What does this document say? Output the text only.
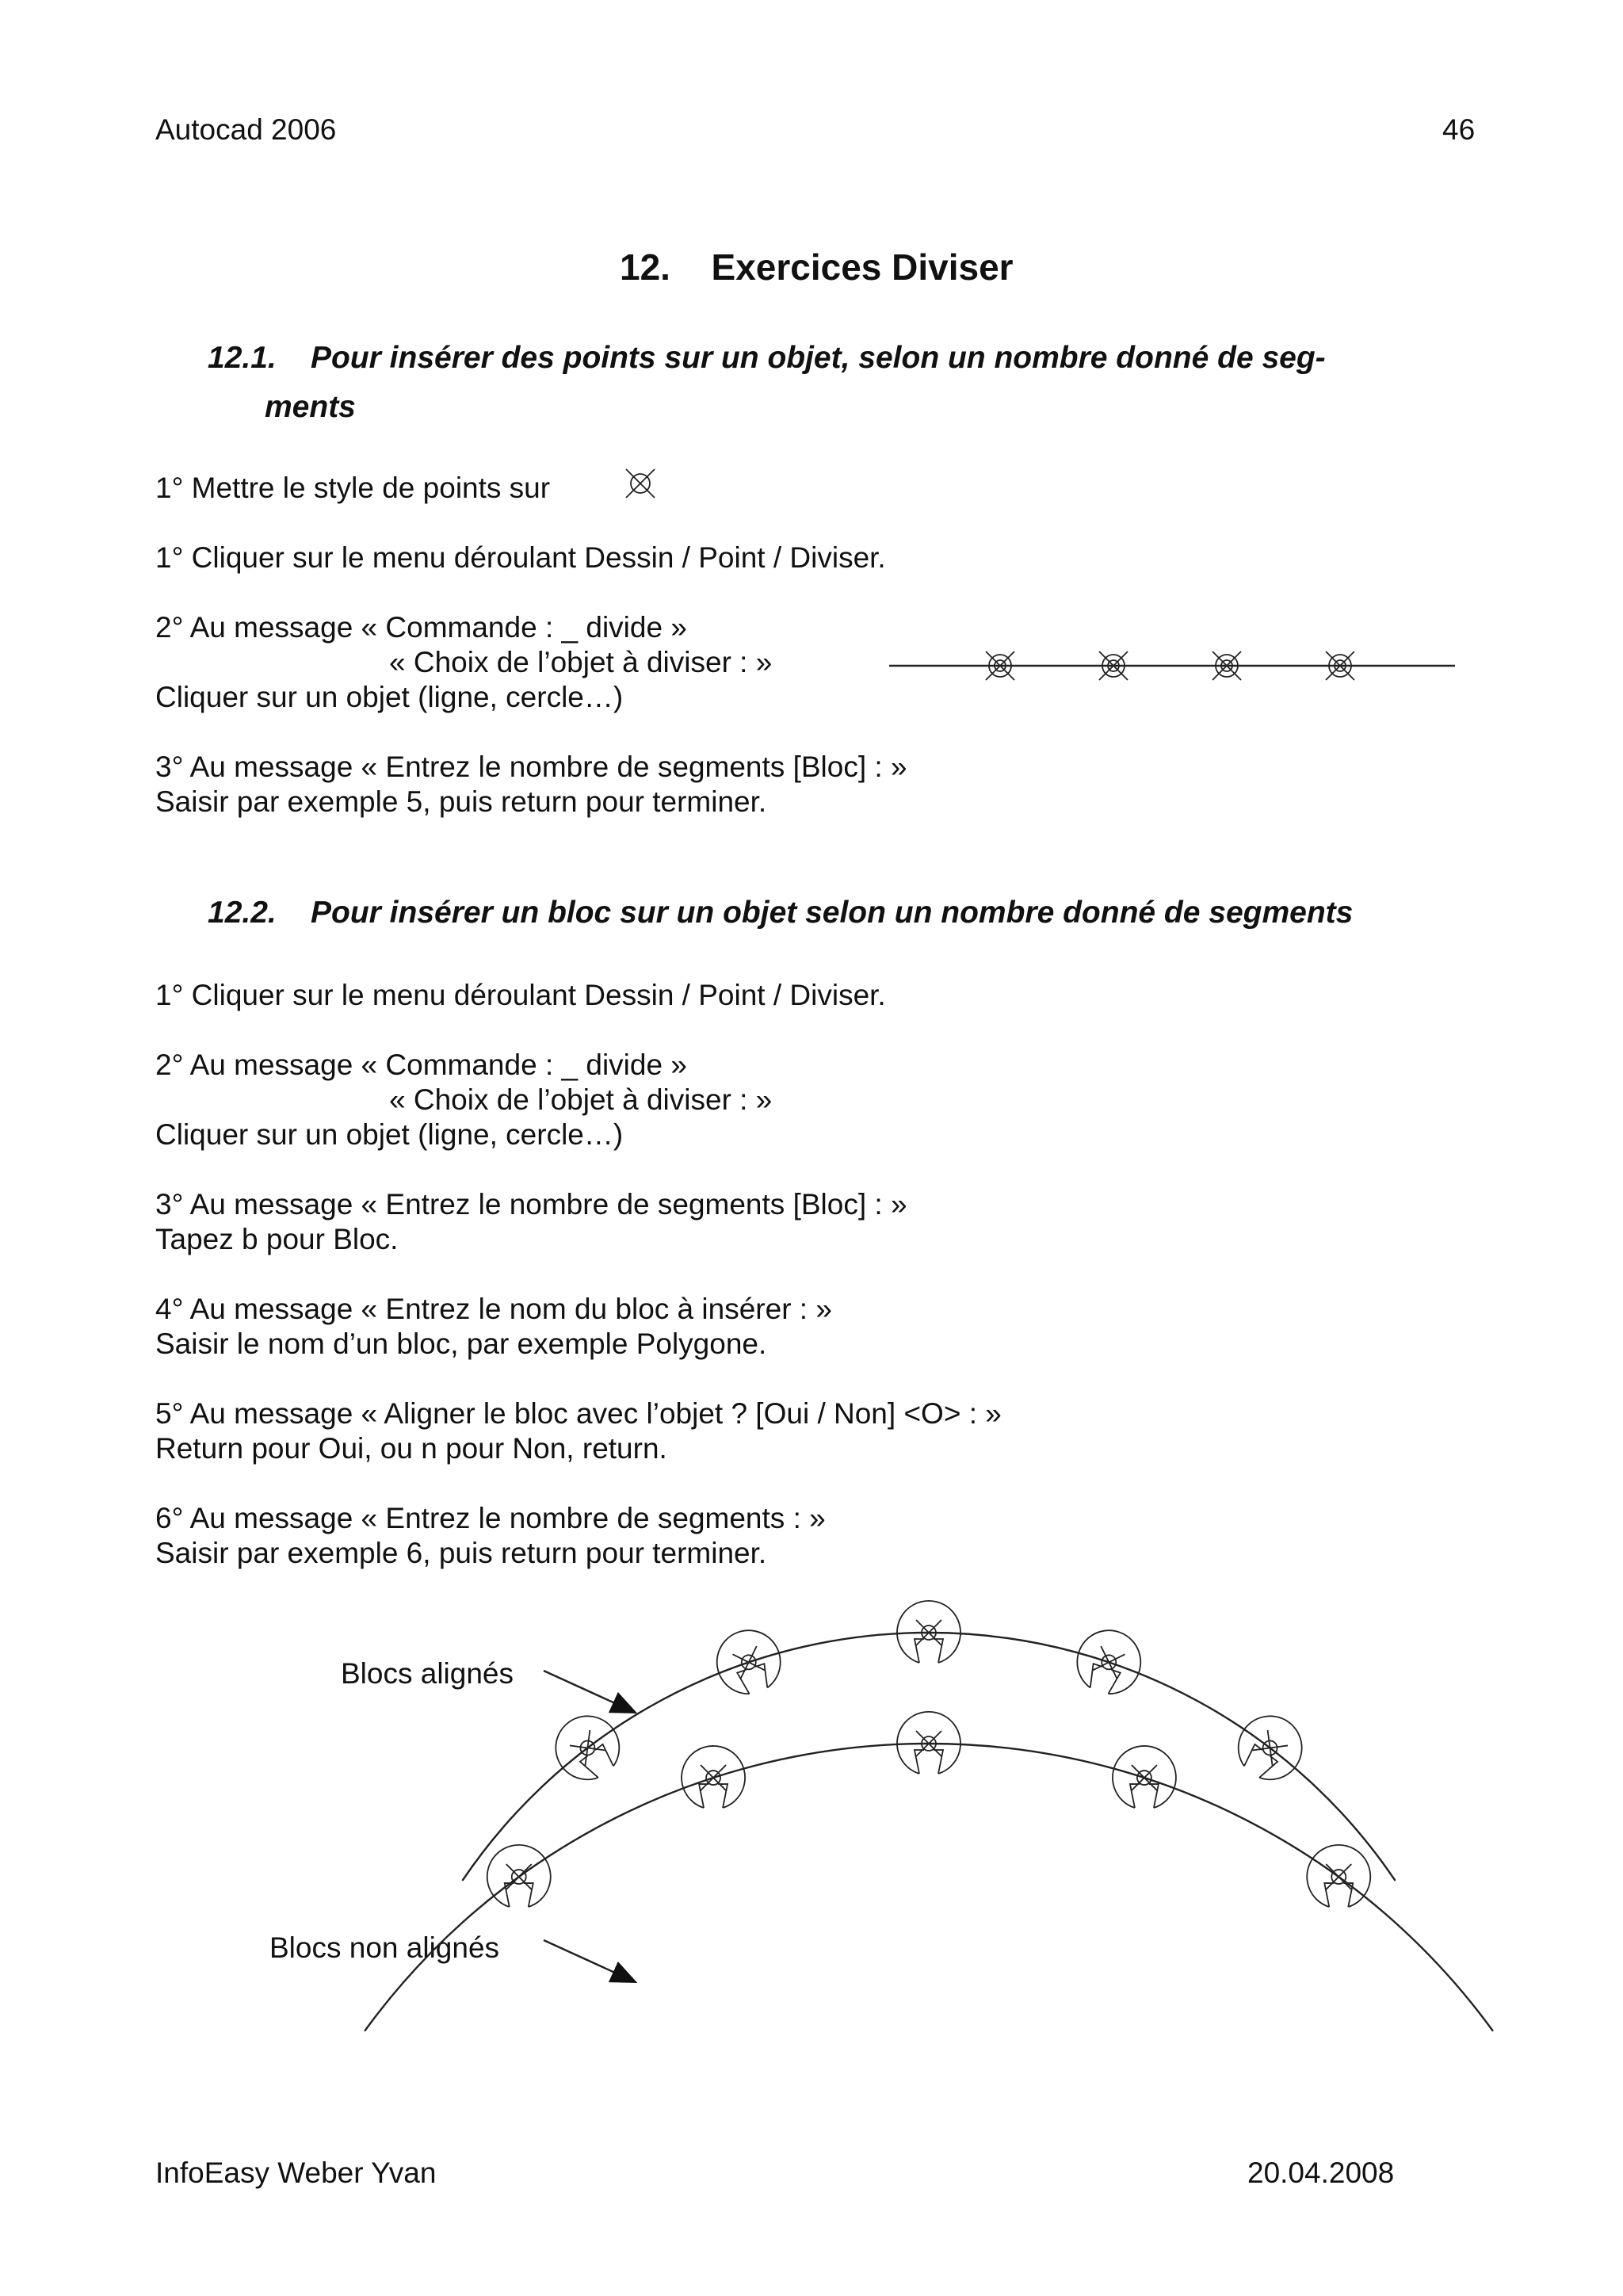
Autocad 2006	46
12. Exercices Diviser
12.1. Pour insérer des points sur un objet, selon un nombre donné de seg-
ments
1° Mettre le style de points sur
1° Cliquer sur le menu déroulant Dessin / Point / Diviser.
2° Au message « Commande : _ divide »
« Choix de l’objet à diviser : »
Cliquer sur un objet (ligne, cercle…)
3° Au message « Entrez le nombre de segments [Bloc] : »
Saisir par exemple 5, puis return pour terminer.
12.2. Pour insérer un bloc sur un objet selon un nombre donné de segments
1° Cliquer sur le menu déroulant Dessin / Point / Diviser.
2° Au message « Commande : _ divide »
« Choix de l’objet à diviser : »
Cliquer sur un objet (ligne, cercle…)
3° Au message « Entrez le nombre de segments [Bloc] : »
Tapez b pour Bloc.
4° Au message « Entrez le nom du bloc à insérer : »
Saisir le nom d’un bloc, par exemple Polygone.
5° Au message « Aligner le bloc avec l’objet ? [Oui / Non] <O> : »
Return pour Oui, ou n pour Non, return.
6° Au message « Entrez le nombre de segments : »
Saisir par exemple 6, puis return pour terminer.
Blocs alignés
Blocs non alignés
InfoEasy Weber Yvan	20.04.2008
